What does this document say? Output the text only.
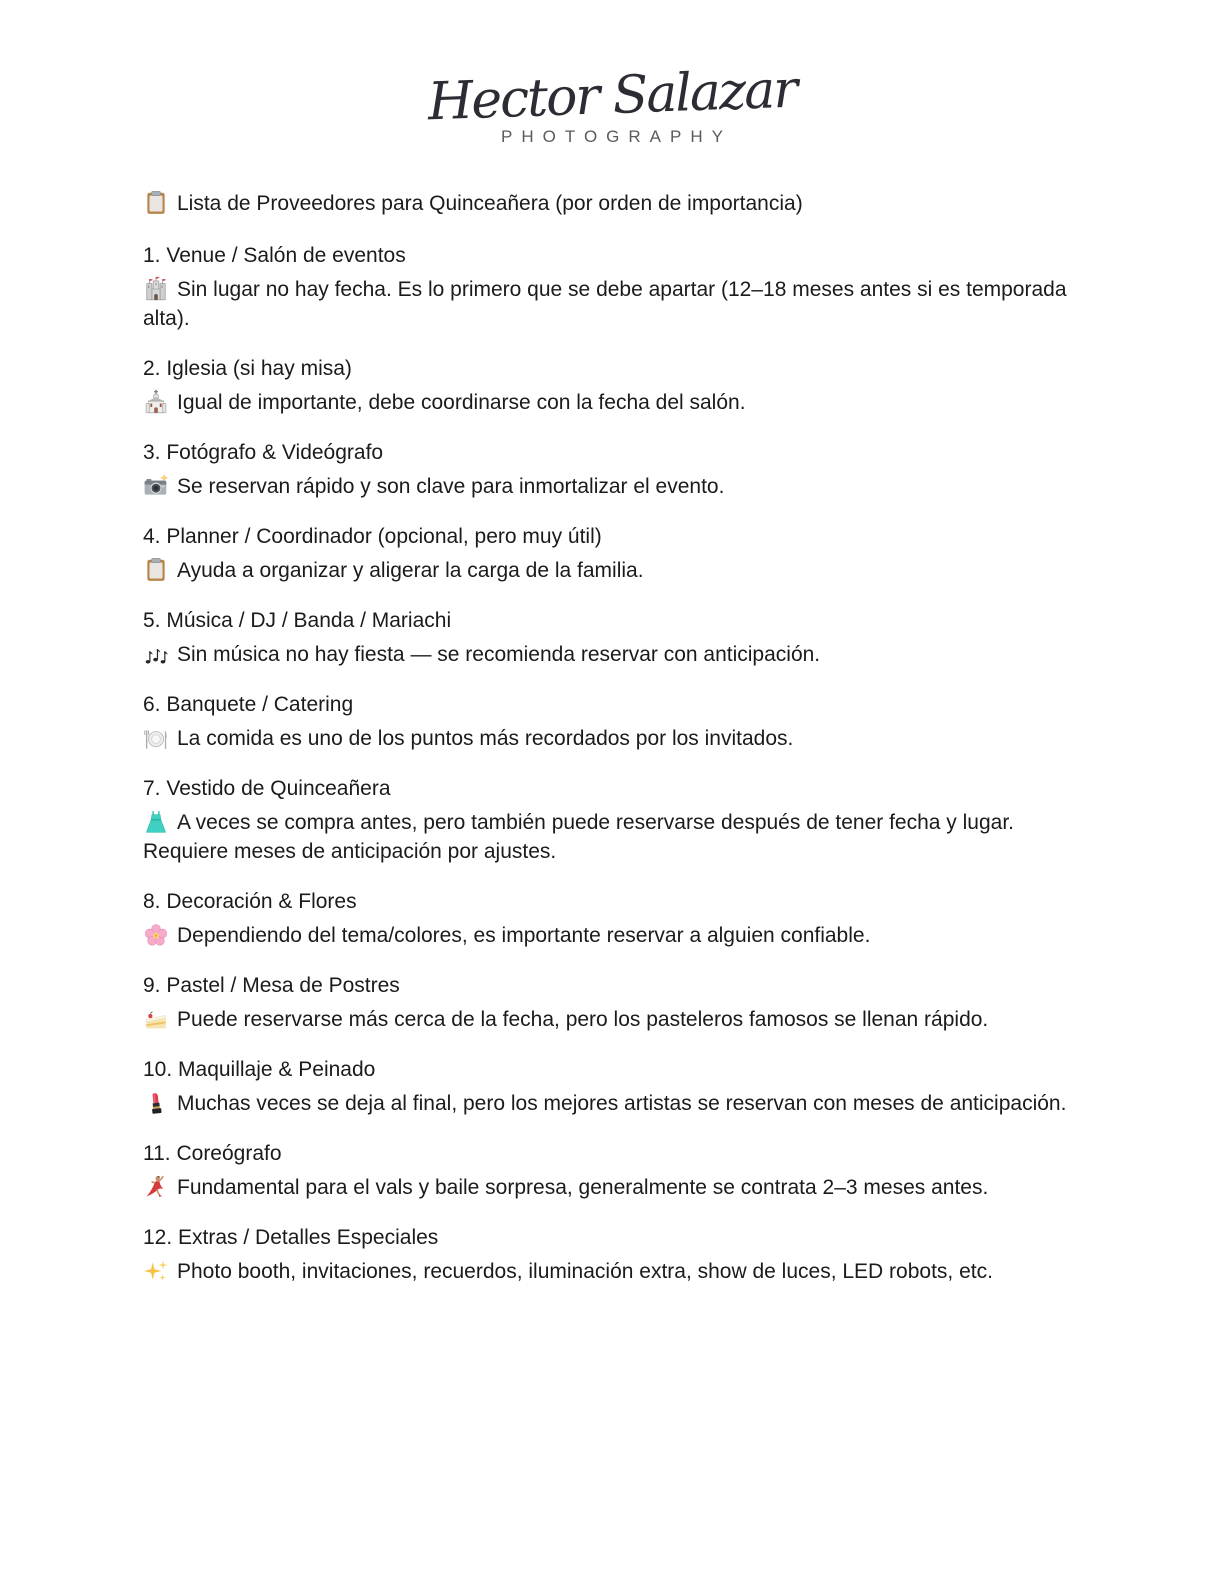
Hector Salazar
PHOTOGRAPHY
Lista de Proveedores para Quinceañera (por orden de importancia)
1. Venue / Salón de eventos

Sin lugar no hay fecha. Es lo primero que se debe apartar (12–18 meses antes si es temporada alta).

2. Iglesia (si hay misa)

Igual de importante, debe coordinarse con la fecha del salón.

3. Fotógrafo & Videógrafo

Se reservan rápido y son clave para inmortalizar el evento.

4. Planner / Coordinador (opcional, pero muy útil)

Ayuda a organizar y aligerar la carga de la familia.

5. Música / DJ / Banda / Mariachi

Sin música no hay fiesta — se recomienda reservar con anticipación.

6. Banquete / Catering

La comida es uno de los puntos más recordados por los invitados.

7. Vestido de Quinceañera

A veces se compra antes, pero también puede reservarse después de tener fecha y lugar. Requiere meses de anticipación por ajustes.

8. Decoración & Flores

Dependiendo del tema/colores, es importante reservar a alguien confiable.

9. Pastel / Mesa de Postres

Puede reservarse más cerca de la fecha, pero los pasteleros famosos se llenan rápido.

10. Maquillaje & Peinado

Muchas veces se deja al final, pero los mejores artistas se reservan con meses de anticipación.

11. Coreógrafo

Fundamental para el vals y baile sorpresa, generalmente se contrata 2–3 meses antes.

12. Extras / Detalles Especiales

Photo booth, invitaciones, recuerdos, iluminación extra, show de luces, LED robots, etc.
